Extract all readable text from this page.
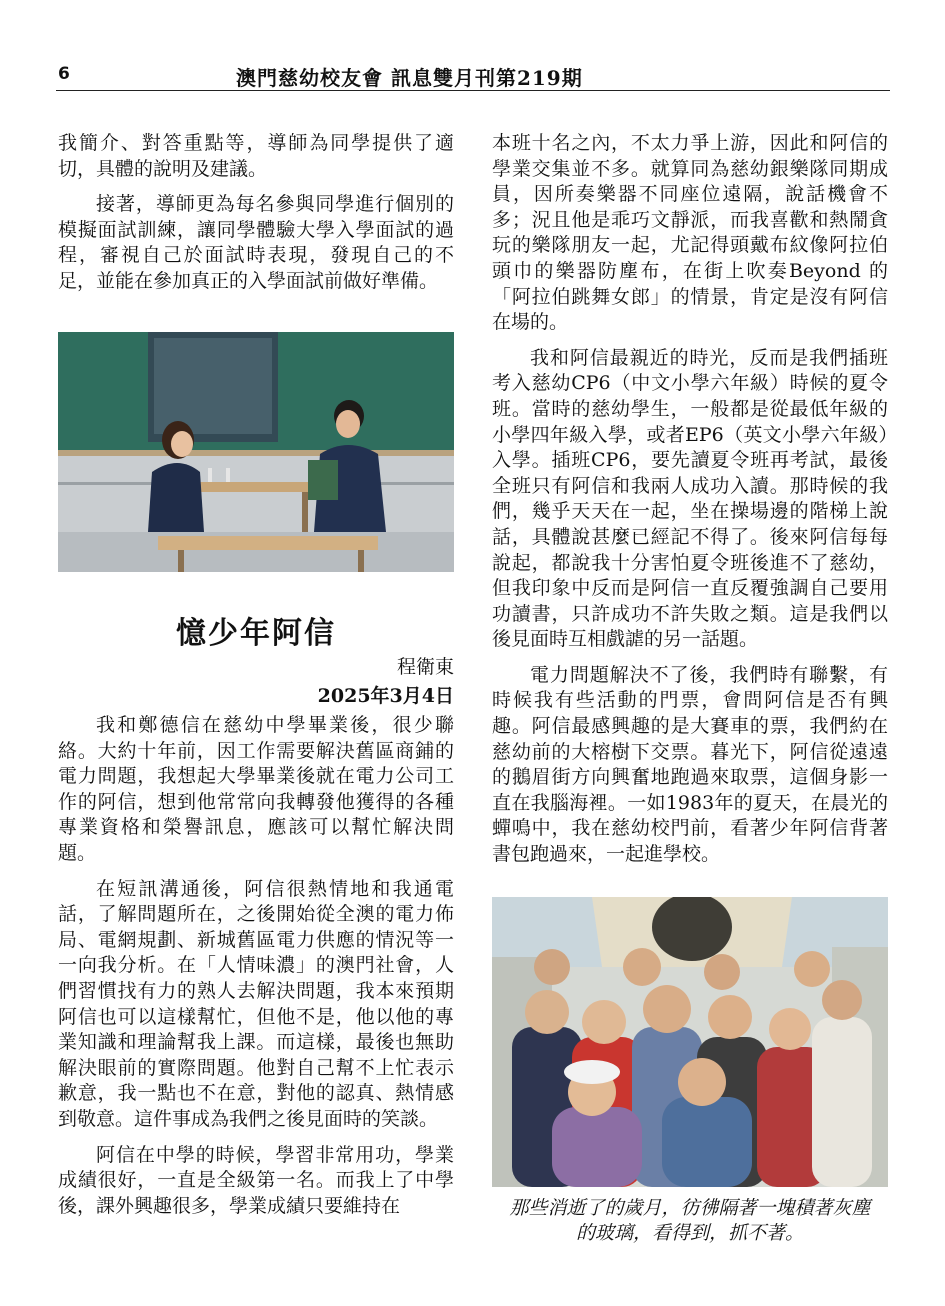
6	澳門慈幼校友會 訊息雙月刊第219期

我簡介、對答重點等，導師為同學提供了適切，具體的說明及建議。

接著，導師更為每名參與同學進行個別的模擬面試訓練，讓同學體驗大學入學面試的過程，審視自己於面試時表現，發現自己的不足，並能在參加真正的入學面試前做好準備。

憶少年阿信
程衛東
2025年3月4日

我和鄭德信在慈幼中學畢業後，很少聯絡。大約十年前，因工作需要解決舊區商鋪的電力問題，我想起大學畢業後就在電力公司工作的阿信，想到他常常向我轉發他獲得的各種專業資格和榮譽訊息，應該可以幫忙解決問題。

在短訊溝通後，阿信很熱情地和我通電話，了解問題所在，之後開始從全澳的電力佈局、電網規劃、新城舊區電力供應的情況等一一向我分析。在「人情味濃」的澳門社會，人們習慣找有力的熟人去解決問題，我本來預期阿信也可以這樣幫忙，但他不是，他以他的專業知識和理論幫我上課。而這樣，最後也無助解決眼前的實際問題。他對自己幫不上忙表示歉意，我一點也不在意，對他的認真、熱情感到敬意。這件事成為我們之後見面時的笑談。

阿信在中學的時候，學習非常用功，學業成績很好，一直是全級第一名。而我上了中學後，課外興趣很多，學業成績只要維持在

本班十名之內，不太力爭上游，因此和阿信的學業交集並不多。就算同為慈幼銀樂隊同期成員，因所奏樂器不同座位遠隔，說話機會不多；況且他是乖巧文靜派，而我喜歡和熱鬧貪玩的樂隊朋友一起，尤記得頭戴布紋像阿拉伯頭巾的樂器防塵布，在街上吹奏Beyond 的「阿拉伯跳舞女郎」的情景，肯定是沒有阿信在場的。

我和阿信最親近的時光，反而是我們插班考入慈幼CP6（中文小學六年級）時候的夏令班。當時的慈幼學生，一般都是從最低年級的小學四年級入學，或者EP6（英文小學六年級）入學。插班CP6，要先讀夏令班再考試，最後全班只有阿信和我兩人成功入讀。那時候的我們，幾乎天天在一起，坐在操場邊的階梯上說話，具體說甚麼已經記不得了。後來阿信每每說起，都說我十分害怕夏令班後進不了慈幼，但我印象中反而是阿信一直反覆強調自己要用功讀書，只許成功不許失敗之類。這是我們以後見面時互相戲謔的另一話題。

電力問題解決不了後，我們時有聯繫，有時候我有些活動的門票，會問阿信是否有興趣。阿信最感興趣的是大賽車的票，我們約在慈幼前的大榕樹下交票。暮光下，阿信從遠遠的鵝眉街方向興奮地跑過來取票，這個身影一直在我腦海裡。一如1983年的夏天，在晨光的蟬鳴中，我在慈幼校門前，看著少年阿信背著書包跑過來，一起進學校。

那些消逝了的歲月，彷彿隔著一塊積著灰塵
的玻璃，看得到，抓不著。
